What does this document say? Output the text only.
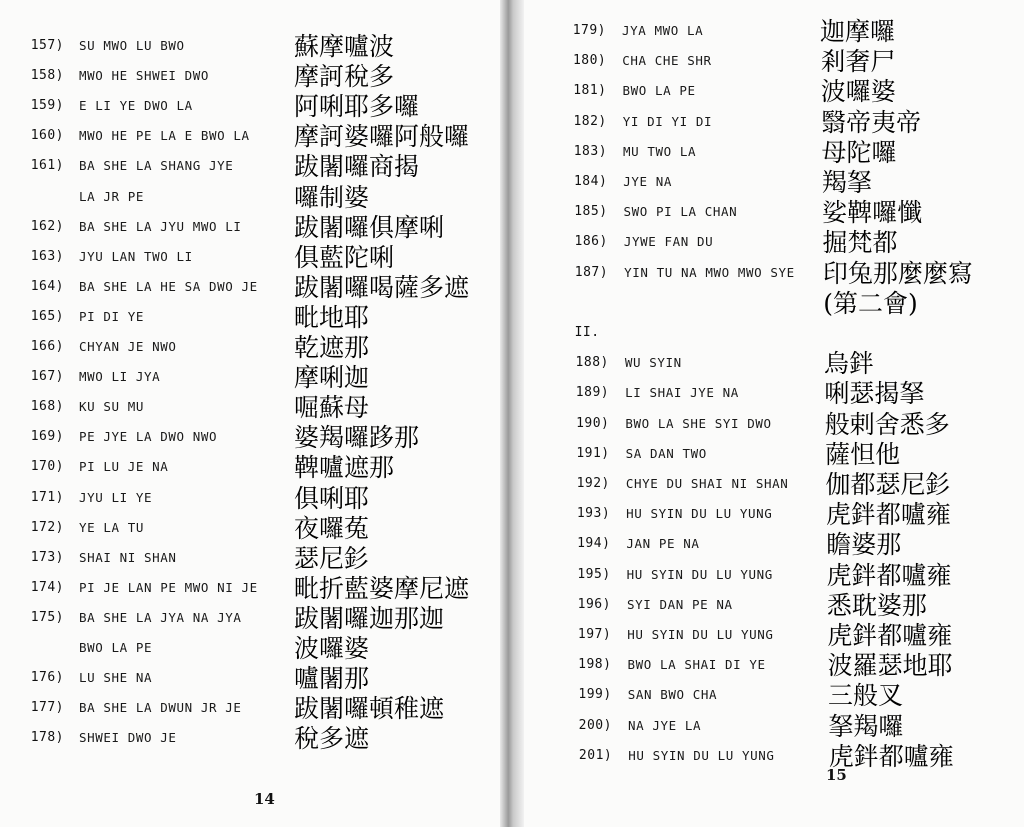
157) SU MWO LU BWO	蘇摩嚧波
158) MWO HE SHWEI DWO	摩訶稅多
159) E LI YE DWO LA	阿唎耶多囉
160) MWO HE PE LA E BWO LA 摩訶婆囉阿般囉
161) BA SHE LA SHANG JYE 跋闍囉商揭
LA JR PE	囉制婆
162) BA SHE LA JYU MWO LI 跋闍囉俱摩唎
163) JYU LAN TWO LI	俱藍陀唎
164) BA SHE LA HE SA DWO JE 跋闍囉喝薩多遮
165) PI DI YE	毗地耶
166) CHYAN JE NWO	乾遮那
167) MWO LI JYA	摩唎迦
168) KU SU MU	啒蘇母
169) PE JYE LA DWO NWO	婆羯囉跢那
170) PI LU JE NA	鞞嚧遮那
171) JYU LI YE	俱唎耶
172) YE LA TU	夜囉菟
173) SHAI NI SHAN	瑟尼釤
174) PI JE LAN PE MWO NI JE 毗折藍婆摩尼遮
175) BA SHE LA JYA NA JYA 跋闍囉迦那迦
BWO LA PE	波囉婆
176) LU SHE NA	嚧闍那
177) BA SHE LA DWUN JR JE 跋闍囉頓稚遮
178) SHWEI DWO JE	稅多遮
14
179) JYA MWO LA	迦摩囉
180) CHA CHE SHR	剎奢尸
181) BWO LA PE	波囉婆
182) YI DI YI DI	翳帝夷帝
183) MU TWO LA	母陀囉
184) JYE NA	羯拏
185) SWO PI LA CHAN	娑鞞囉懺
186) JYWE FAN DU	掘梵都
187) YIN TU NA MWO MWO SYE 印兔那麼麼寫
(第二會)
II.
188) WU SYIN	烏鉡
189) LI SHAI JYE NA	唎瑟揭拏
190) BWO LA SHE SYI DWO 般剌舍悉多
191) SA DAN TWO	薩怛他
192) CHYE DU SHAI NI SHAN 伽都瑟尼釤
193) HU SYIN DU LU YUNG 虎鉡都嚧雍
194) JAN PE NA	瞻婆那
195) HU SYIN DU LU YUNG 虎鉡都嚧雍
196) SYI DAN PE NA	悉耽婆那
197) HU SYIN DU LU YUNG 虎鉡都嚧雍
198) BWO LA SHAI DI YE 波羅瑟地耶
199) SAN BWO CHA	三般叉
200) NA JYE LA	拏羯囉
201) HU SYIN DU LU YUNG 虎鉡都嚧雍
15
